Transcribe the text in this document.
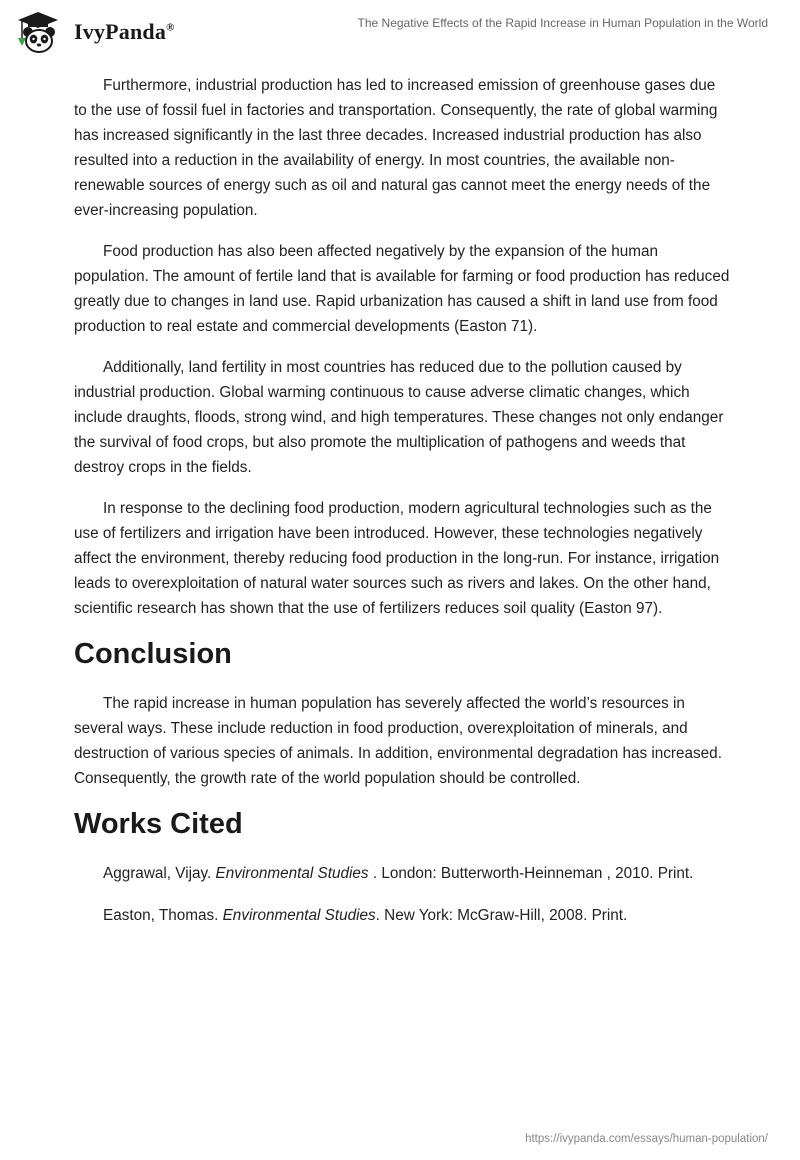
IvyPanda®	The Negative Effects of the Rapid Increase in Human Population in the World

Furthermore, industrial production has led to increased emission of greenhouse gases due to the use of fossil fuel in factories and transportation. Consequently, the rate of global warming has increased significantly in the last three decades. Increased industrial production has also resulted into a reduction in the availability of energy. In most countries, the available non-renewable sources of energy such as oil and natural gas cannot meet the energy needs of the ever-increasing population.

Food production has also been affected negatively by the expansion of the human population. The amount of fertile land that is available for farming or food production has reduced greatly due to changes in land use. Rapid urbanization has caused a shift in land use from food production to real estate and commercial developments (Easton 71).

Additionally, land fertility in most countries has reduced due to the pollution caused by industrial production. Global warming continuous to cause adverse climatic changes, which include draughts, floods, strong wind, and high temperatures. These changes not only endanger the survival of food crops, but also promote the multiplication of pathogens and weeds that destroy crops in the fields.

In response to the declining food production, modern agricultural technologies such as the use of fertilizers and irrigation have been introduced. However, these technologies negatively affect the environment, thereby reducing food production in the long-run. For instance, irrigation leads to overexploitation of natural water sources such as rivers and lakes. On the other hand, scientific research has shown that the use of fertilizers reduces soil quality (Easton 97).

Conclusion

The rapid increase in human population has severely affected the world’s resources in several ways. These include reduction in food production, overexploitation of minerals, and destruction of various species of animals. In addition, environmental degradation has increased. Consequently, the growth rate of the world population should be controlled.

Works Cited

Aggrawal, Vijay. Environmental Studies . London: Butterworth-Heinneman , 2010. Print.

Easton, Thomas. Environmental Studies. New York: McGraw-Hill, 2008. Print.

https://ivypanda.com/essays/human-population/
